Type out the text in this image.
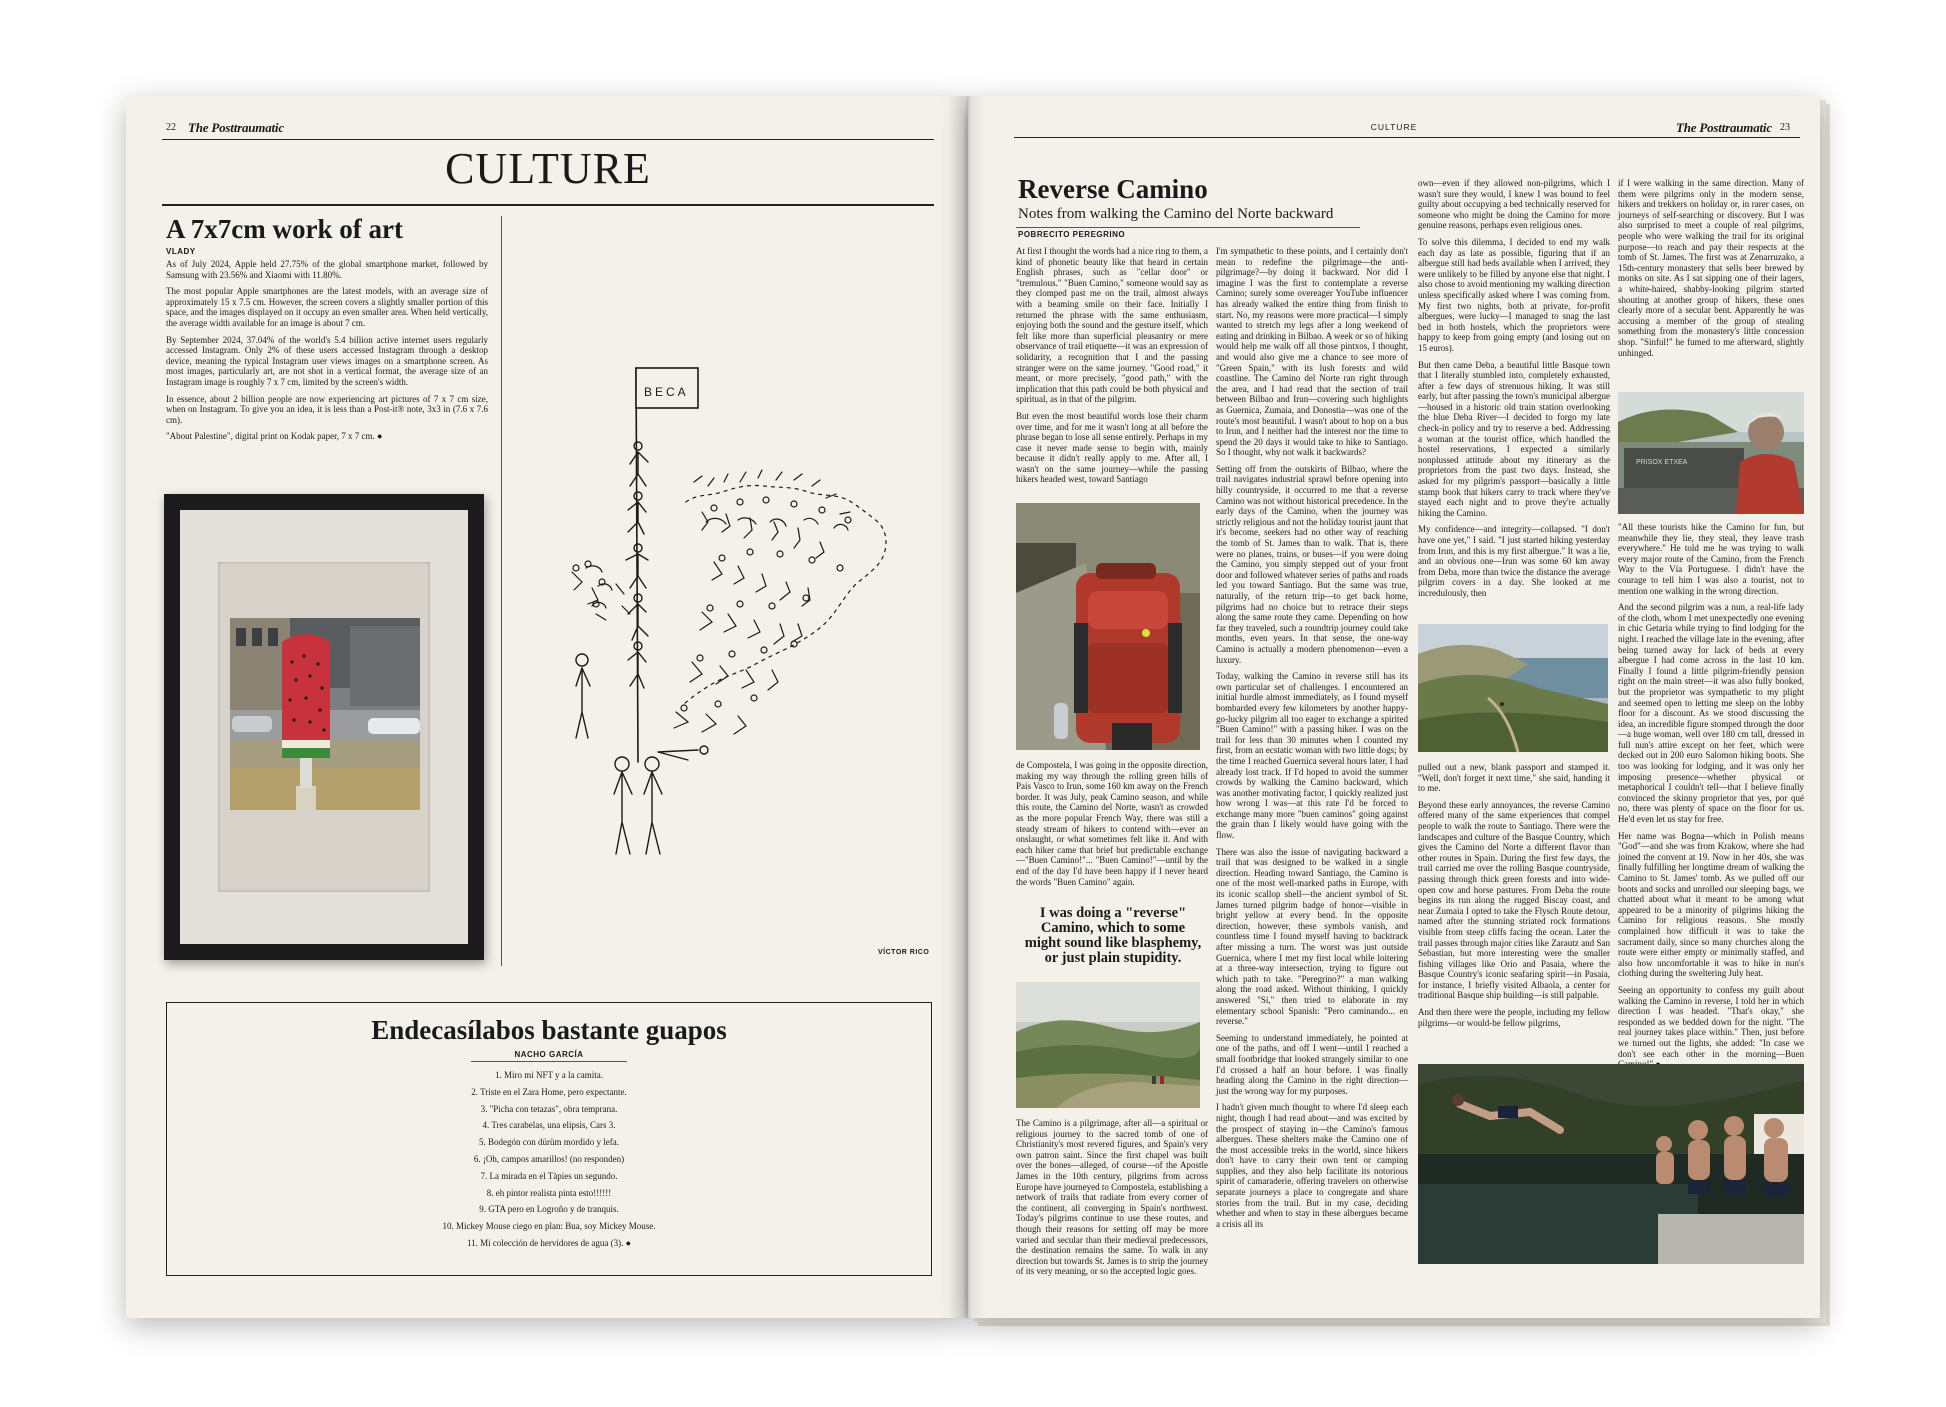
22 The Posttraumatic
CULTURE
A 7x7cm work of art
VLADY

As of July 2024, Apple held 27.75% of the global smartphone market, followed by Samsung with 23.56% and Xiaomi with 11.80%.

The most popular Apple smartphones are the latest models, with an average size of approximately 15 x 7.5 cm. However, the screen covers a slightly smaller portion of this space, and the images displayed on it occupy an even smaller area. When held vertically, the average width available for an image is about 7 cm.

By September 2024, 37.04% of the world's 5.4 billion active internet users regularly accessed Instagram. Only 2% of these users accessed Instagram through a desktop device, meaning the typical Instagram user views images on a smartphone screen. As most images, particularly art, are not shot in a vertical format, the average size of an Instagram image is roughly 7 x 7 cm, limited by the screen's width.

In essence, about 2 billion people are now experiencing art pictures of 7 x 7 cm size, when on Instagram. To give you an idea, it is less than a Post-it® note, 3x3 in (7.6 x 7.6 cm).

"About Palestine", digital print on Kodak paper, 7 x 7 cm. ●

BECA
VÍCTOR RICO
Endecasílabos bastante guapos
NACHO GARCÍA
1. Miro mi NFT y a la camita.
2. Triste en el Zara Home, pero expectante.
3. "Picha con tetazas", obra temprana.
4. Tres carabelas, una elipsis, Cars 3.
5. Bodegón con dürüm mordido y lefa.
6. ¡Oh, campos amarillos! (no responden)
7. La mirada en el Tàpies un segundo.
8. eh pintor realista pinta esto!!!!!!
9. GTA pero en Logroño y de tranquis.
10. Mickey Mouse ciego en plan: Bua, soy Mickey Mouse.
11. Mi colección de hervidores de agua (3). ●
CULTURE	The Posttraumatic 23
Reverse Camino
Notes from walking the Camino del Norte backward
POBRECITO PEREGRINO

At first I thought the words had a nice ring to them, a kind of phonetic beauty like that heard in certain English phrases, such as "cellar door" or "tremulous." "Buen Camino," someone would say as they clomped past me on the trail, almost always with a beaming smile on their face. Initially I returned the phrase with the same enthusiasm, enjoying both the sound and the gesture itself, which felt like more than superficial pleasantry or mere observance of trail etiquette—it was an expression of solidarity, a recognition that I and the passing stranger were on the same journey. "Good road," it meant, or more precisely, "good path," with the implication that this path could be both physical and spiritual, as in that of the pilgrim.

But even the most beautiful words lose their charm over time, and for me it wasn't long at all before the phrase began to lose all sense entirely. Perhaps in my case it never made sense to begin with, mainly because it didn't really apply to me. After all, I wasn't on the same journey—while the passing hikers headed west, toward Santiago

de Compostela, I was going in the opposite direction, making my way through the rolling green hills of País Vasco to Irun, some 160 km away on the French border. It was July, peak Camino season, and while this route, the Camino del Norte, wasn't as crowded as the more popular French Way, there was still a steady stream of hikers to contend with—ever an onslaught, or what sometimes felt like it. And with each hiker came that brief but predictable exchange—"Buen Camino!"... "Buen Camino!"—until by the end of the day I'd have been happy if I never heard the words "Buen Camino" again.

I was doing a "reverse" Camino, which to some might sound like blasphemy, or just plain stupidity.

The Camino is a pilgrimage, after all—a spiritual or religious journey to the sacred tomb of one of Christianity's most revered figures, and Spain's very own patron saint. Since the first chapel was built over the bones—alleged, of course—of the Apostle James in the 10th century, pilgrims from across Europe have journeyed to Compostela, establishing a network of trails that radiate from every corner of the continent, all converging in Spain's northwest. Today's pilgrims continue to use these routes, and though their reasons for setting off may be more varied and secular than their medieval predecessors, the destination remains the same. To walk in any direction but towards St. James is to strip the journey of its very meaning, or so the accepted logic goes.

I'm sympathetic to these points, and I certainly don't mean to redefine the pilgrimage—the anti-pilgrimage?—by doing it backward. Nor did I imagine I was the first to contemplate a reverse Camino; surely some overeager YouTube influencer has already walked the entire thing from finish to start. No, my reasons were more practical—I simply wanted to stretch my legs after a long weekend of eating and drinking in Bilbao. A week or so of hiking would help me walk off all those pintxos, I thought, and would also give me a chance to see more of "Green Spain," with its lush forests and wild coastline. The Camino del Norte ran right through the area, and I had read that the section of trail between Bilbao and Irun—covering such highlights as Guernica, Zumaia, and Donostia—was one of the route's most beautiful. I wasn't about to hop on a bus to Irun, and I neither had the interest nor the time to spend the 20 days it would take to hike to Santiago. So I thought, why not walk it backwards?

Setting off from the outskirts of Bilbao, where the trail navigates industrial sprawl before opening into hilly countryside, it occurred to me that a reverse Camino was not without historical precedence. In the early days of the Camino, when the journey was strictly religious and not the holiday tourist jaunt that it's become, seekers had no other way of reaching the tomb of St. James than to walk. That is, there were no planes, trains, or buses—if you were doing the Camino, you simply stepped out of your front door and followed whatever series of paths and roads led you toward Santiago. But the same was true, naturally, of the return trip—to get back home, pilgrims had no choice but to retrace their steps along the same route they came. Depending on how far they traveled, such a roundtrip journey could take months, even years. In that sense, the one-way Camino is actually a modern phenomenon—even a luxury.

Today, walking the Camino in reverse still has its own particular set of challenges. I encountered an initial hurdle almost immediately, as I found myself bombarded every few kilometers by another happy-go-lucky pilgrim all too eager to exchange a spirited "Buen Camino!" with a passing hiker. I was on the trail for less than 30 minutes when I counted my first, from an ecstatic woman with two little dogs; by the time I reached Guernica several hours later, I had already lost track. If I'd hoped to avoid the summer crowds by walking the Camino backward, which was another motivating factor, I quickly realized just how wrong I was—at this rate I'd be forced to exchange many more "buen caminos" going against the grain than I likely would have going with the flow.

There was also the issue of navigating backward a trail that was designed to be walked in a single direction. Heading toward Santiago, the Camino is one of the most well-marked paths in Europe, with its iconic scallop shell—the ancient symbol of St. James turned pilgrim badge of honor—visible in bright yellow at every bend. In the opposite direction, however, these symbols vanish, and countless time I found myself having to backtrack after missing a turn. The worst was just outside Guernica, where I met my first local while loitering at a three-way intersection, trying to figure out which path to take. "Peregrino?" a man walking along the road asked. Without thinking, I quickly answered "Sí," then tried to elaborate in my elementary school Spanish: "Pero caminando... en reverse."

Seeming to understand immediately, he pointed at one of the paths, and off I went—until I reached a small footbridge that looked strangely similar to one I'd crossed a half an hour before. I was finally heading along the Camino in the right direction—just the wrong way for my purposes.

I hadn't given much thought to where I'd sleep each night, though I had read about—and was excited by the prospect of staying in—the Camino's famous albergues. These shelters make the Camino one of the most accessible treks in the world, since hikers don't have to carry their own tent or camping supplies, and they also help facilitate its notorious spirit of camaraderie, offering travelers on otherwise separate journeys a place to congregate and share stories from the trail. But in my case, deciding whether and when to stay in these albergues became a crisis all its

own—even if they allowed non-pilgrims, which I wasn't sure they would, I knew I was bound to feel guilty about occupying a bed technically reserved for someone who might be doing the Camino for more genuine reasons, perhaps even religious ones.

To solve this dilemma, I decided to end my walk each day as late as possible, figuring that if an albergue still had beds available when I arrived, they were unlikely to be filled by anyone else that night. I also chose to avoid mentioning my walking direction unless specifically asked where I was coming from. My first two nights, both at private, for-profit albergues, were lucky—I managed to snag the last bed in both hostels, which the proprietors were happy to keep from going empty (and losing out on 15 euros).

But then came Deba, a beautiful little Basque town that I literally stumbled into, completely exhausted, after a few days of strenuous hiking. It was still early, but after passing the town's municipal albergue—housed in a historic old train station overlooking the blue Deba River—I decided to forgo my late check-in policy and try to reserve a bed. Addressing a woman at the tourist office, which handled the hostel reservations, I expected a similarly nonplussed attitude about my itinerary as the proprietors from the past two days. Instead, she asked for my pilgrim's passport—basically a little stamp book that hikers carry to track where they've stayed each night and to prove they're actually hiking the Camino.

My confidence—and integrity—collapsed. "I don't have one yet," I said. "I just started hiking yesterday from Irun, and this is my first albergue." It was a lie, and an obvious one—Irun was some 60 km away from Deba, more than twice the distance the average pilgrim covers in a day. She looked at me incredulously, then

pulled out a new, blank passport and stamped it. "Well, don't forget it next time," she said, handing it to me.

Beyond these early annoyances, the reverse Camino offered many of the same experiences that compel people to walk the route to Santiago. There were the landscapes and culture of the Basque Country, which gives the Camino del Norte a different flavor than other routes in Spain. During the first few days, the trail carried me over the rolling Basque countryside, passing through thick green forests and into wide-open cow and horse pastures. From Deba the route begins its run along the rugged Biscay coast, and near Zumaia I opted to take the Flysch Route detour, named after the stunning striated rock formations visible from steep cliffs facing the ocean. Later the trail passes through major cities like Zarautz and San Sebastian, but more interesting were the smaller fishing villages like Orio and Pasaia, where the Basque Country's iconic seafaring spirit—in Pasaia, for instance, I briefly visited Albaola, a center for traditional Basque ship building—is still palpable.

And then there were the people, including my fellow pilgrims—or would-be fellow pilgrims,

if I were walking in the same direction. Many of them were pilgrims only in the modern sense, hikers and trekkers on holiday or, in rarer cases, on journeys of self-searching or discovery. But I was also surprised to meet a couple of real pilgrims, people who were walking the trail for its original purpose—to reach and pay their respects at the tomb of St. James. The first was at Zenarruzako, a 15th-century monastery that sells beer brewed by monks on site. As I sat sipping one of their lagers, a white-haired, shabby-looking pilgrim started shouting at another group of hikers, these ones clearly more of a secular bent. Apparently he was accusing a member of the group of stealing something from the monastery's little concession shop. "Sinful!" he fumed to me afterward, slightly unhinged.

PRISOX ETXEA

"All these tourists hike the Camino for fun, but meanwhile they lie, they steal, they leave trash everywhere." He told me he was trying to walk every major route of the Camino, from the French Way to the Vía Portuguese. I didn't have the courage to tell him I was also a tourist, not to mention one walking in the wrong direction.

And the second pilgrim was a nun, a real-life lady of the cloth, whom I met unexpectedly one evening in chic Getaria while trying to find lodging for the night. I reached the village late in the evening, after being turned away for lack of beds at every albergue I had come across in the last 10 km. Finally I found a little pilgrim-friendly pension right on the main street—it was also fully booked, but the proprietor was sympathetic to my plight and seemed open to letting me sleep on the lobby floor for a discount. As we stood discussing the idea, an incredible figure stomped through the door—a huge woman, well over 180 cm tall, dressed in full nun's attire except on her feet, which were decked out in 200 euro Salomon hiking boots. She too was looking for lodging, and it was only her imposing presence—whether physical or metaphorical I couldn't tell—that I believe finally convinced the skinny proprietor that yes, por qué no, there was plenty of space on the floor for us. He'd even let us stay for free.

Her name was Bogna—which in Polish means "God"—and she was from Krakow, where she had joined the convent at 19. Now in her 40s, she was finally fulfilling her longtime dream of walking the Camino to St. James' tomb. As we pulled off our boots and socks and unrolled our sleeping bags, we chatted about what it meant to be among what appeared to be a minority of pilgrims hiking the Camino for religious reasons. She mostly complained how difficult it was to take the sacrament daily, since so many churches along the route were either empty or minimally staffed, and also how uncomfortable it was to hike in nun's clothing during the sweltering July heat.

Seeing an opportunity to confess my guilt about walking the Camino in reverse, I told her in which direction I was headed. "That's okay," she responded as we bedded down for the night. "The real journey takes place within." Then, just before we turned out the lights, she added: "In case we don't see each other in the morning—Buen
